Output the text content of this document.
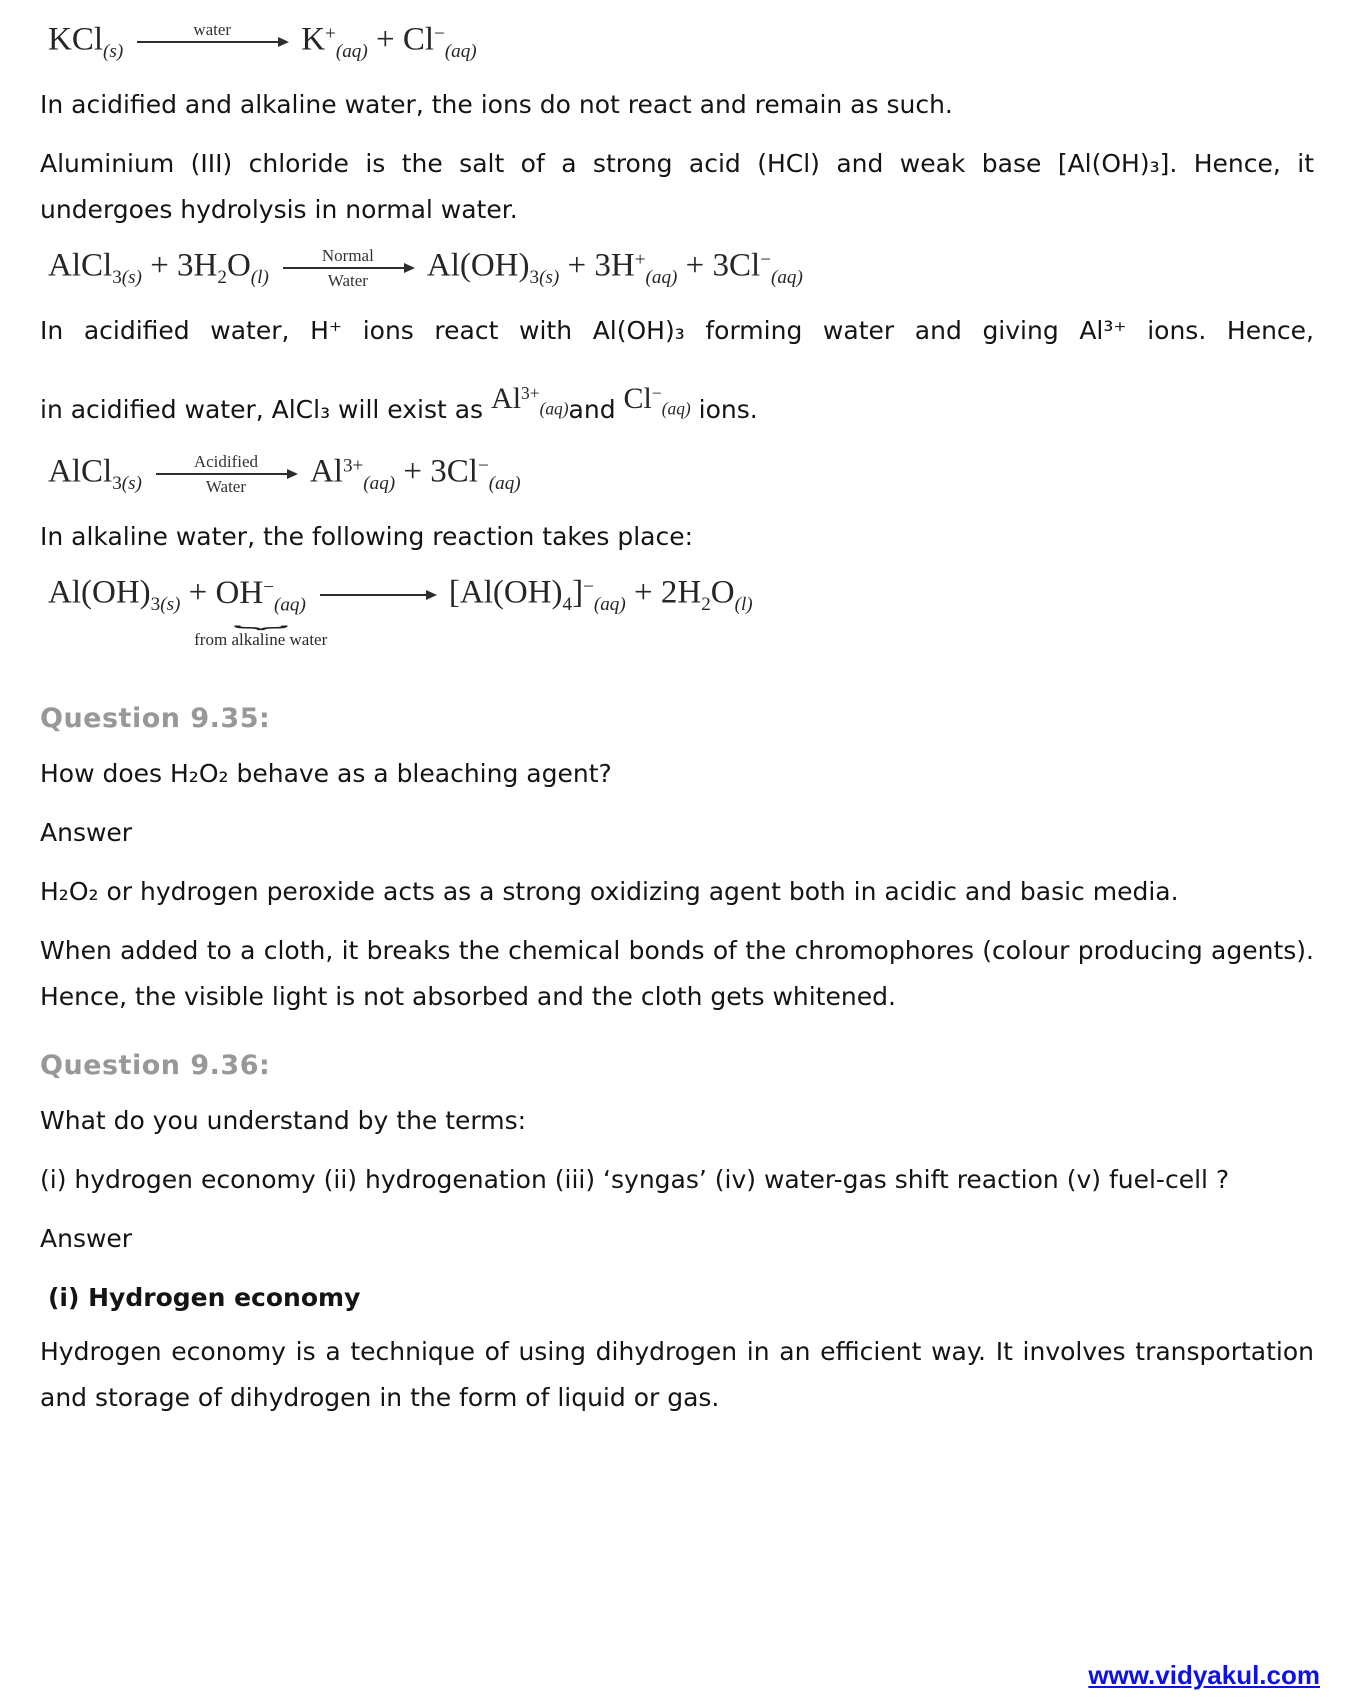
KCl$_{(s)}$
water
$K^+_{(aq)} + Cl^-_{(aq)}$

In acidified and alkaline water, the ions do not react and remain as such.

Aluminium (III) chloride is the salt of a strong acid (HCl) and weak base [Al(OH)₃]. Hence, it undergoes hydrolysis in normal water.

AlCl$_{3(s)}$ + $3H_2O_{(l)}$
Normal
Water $Al(OH)_{3(s)} + 3H^+_{(aq)} + 3Cl^-_{(aq)}$

In acidified water, H⁺ ions react with Al(OH)₃ forming water and giving Al³⁺ ions. Hence,

in acidified water, AlCl₃ will exist as $Al^{3+}_{(aq)}and$ $Cl^-_{(aq)}$ ions.

AlCl$_{3(s)}$
Acidified
Water $Al^{3+}_{(aq)} + 3Cl^-_{(aq)}$

In alkaline water, the following reaction takes place:

$Al(OH)_{3(s)} + OH^-_{(aq)}$
⏟
from alkaline water

→ $[Al(OH)_4]^-_{(aq)} + 2H_2O_{(l)}$
Question 9.35:

How does H₂O₂ behave as a bleaching agent?

Answer

H₂O₂ or hydrogen peroxide acts as a strong oxidizing agent both in acidic and basic media.

When added to a cloth, it breaks the chemical bonds of the chromophores (colour producing agents). Hence, the visible light is not absorbed and the cloth gets whitened.

Question 9.36:

What do you understand by the terms:

(i) hydrogen economy (ii) hydrogenation (iii) ‘syngas’ (iv) water-gas shift reaction (v) fuel-cell ?

Answer

(i) Hydrogen economy

Hydrogen economy is a technique of using dihydrogen in an efficient way. It involves transportation and storage of dihydrogen in the form of liquid or gas.

www.vidyakul.com
